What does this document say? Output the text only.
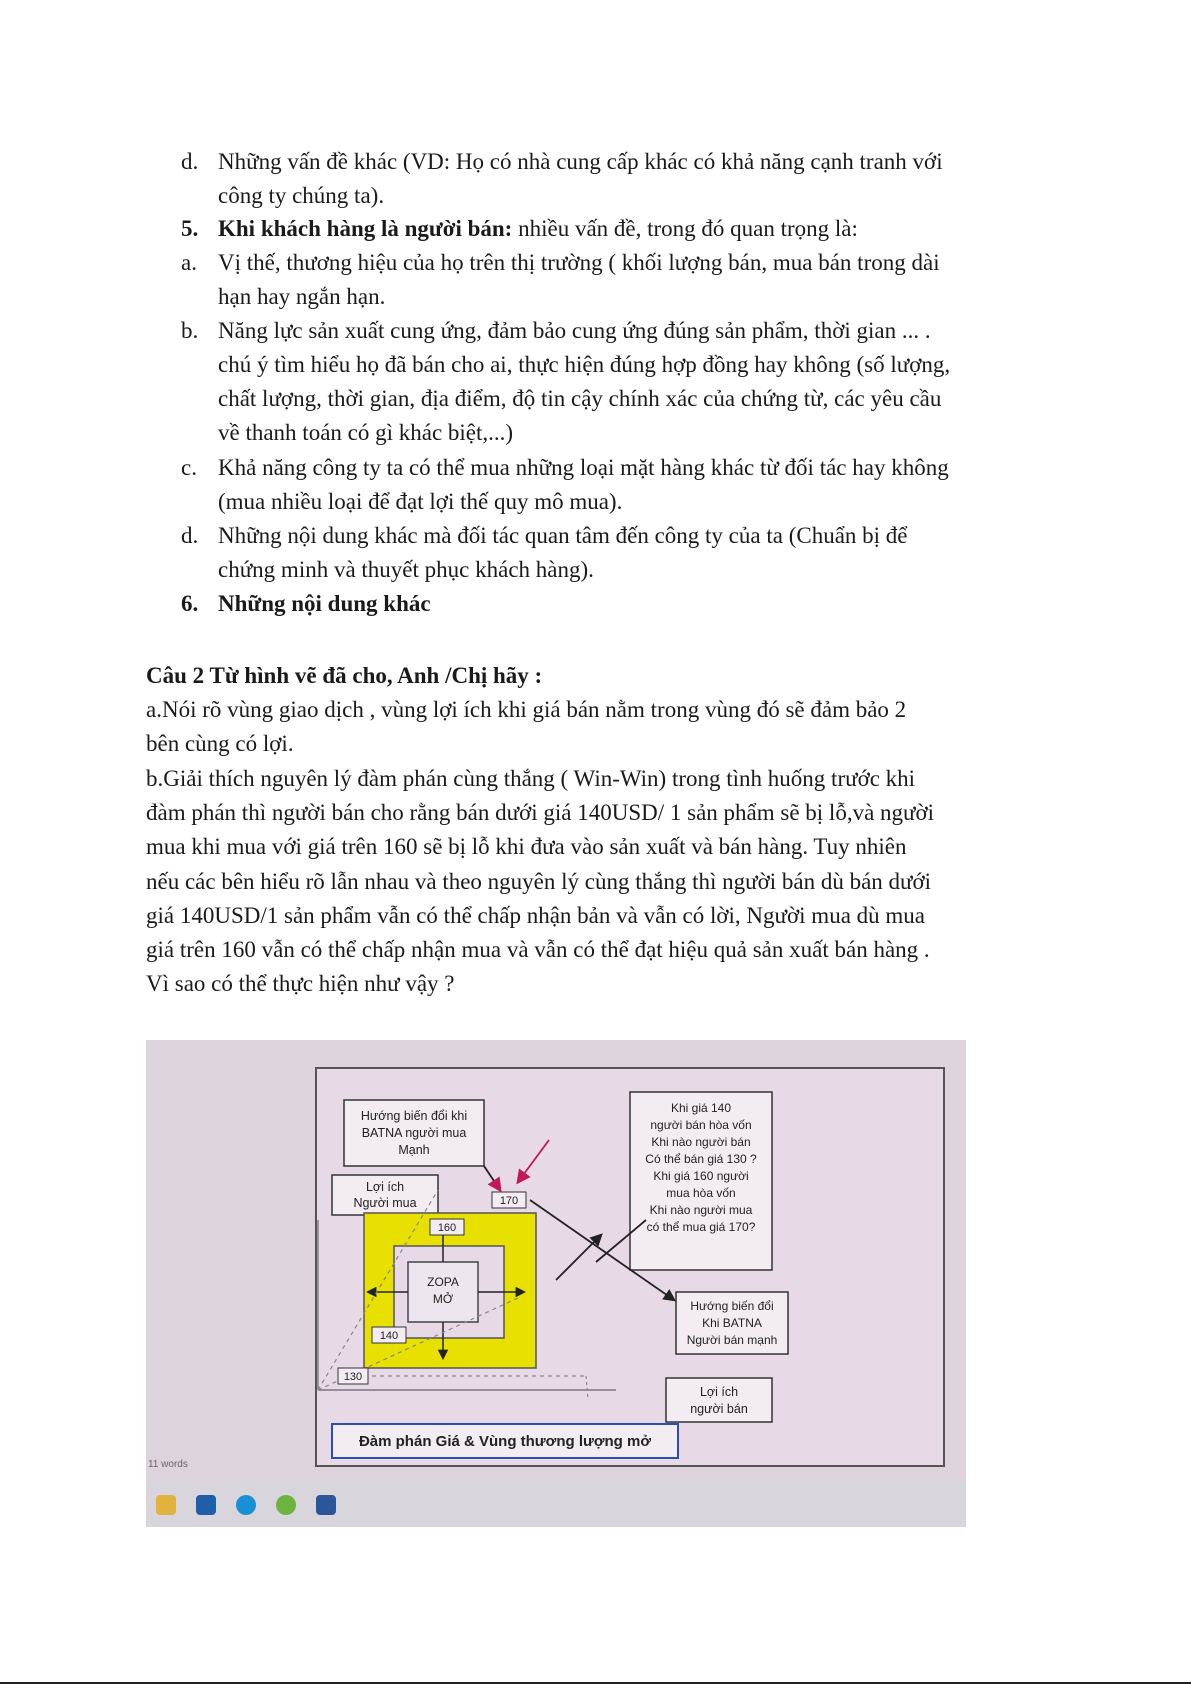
d. Những vấn đề khác (VD: Họ có nhà cung cấp khác có khả năng cạnh tranh với
công ty chúng ta).
5. Khi khách hàng là người bán: nhiều vấn đề, trong đó quan trọng là:
a. Vị thế, thương hiệu của họ trên thị trường ( khối lượng bán, mua bán trong dài
hạn hay ngắn hạn.
b. Năng lực sản xuất cung ứng, đảm bảo cung ứng đúng sản phẩm, thời gian ... .
chú ý tìm hiểu họ đã bán cho ai, thực hiện đúng hợp đồng hay không (số lượng,
chất lượng, thời gian, địa điểm, độ tin cậy chính xác của chứng từ, các yêu cầu
về thanh toán có gì khác biệt,...)
c. Khả năng công ty ta có thể mua những loại mặt hàng khác từ đối tác hay không
(mua nhiều loại để đạt lợi thế quy mô mua).
d. Những nội dung khác mà đối tác quan tâm đến công ty của ta (Chuẩn bị để
chứng minh và thuyết phục khách hàng).
6. Những nội dung khác
Câu 2 Từ hình vẽ đã cho, Anh /Chị hãy :
a.Nói rõ vùng giao dịch , vùng lợi ích khi giá bán nằm trong vùng đó sẽ đảm bảo 2
bên cùng có lợi.
b.Giải thích nguyên lý đàm phán cùng thắng ( Win-Win) trong tình huống trước khi
đàm phán thì người bán cho rằng bán dưới giá 140USD/ 1 sản phẩm sẽ bị lỗ,và người
mua khi mua với giá trên 160 sẽ bị lỗ khi đưa vào sản xuất và bán hàng. Tuy nhiên
nếu các bên hiểu rõ lẫn nhau và theo nguyên lý cùng thắng thì người bán dù bán dưới
giá 140USD/1 sản phẩm vẫn có thể chấp nhận bản và vẫn có lời, Người mua dù mua
giá trên 160 vẫn có thể chấp nhận mua và vẫn có thể đạt hiệu quả sản xuất bán hàng .
Vì sao có thể thực hiện như vậy ?
Hướng biến đổi khi
BATNA người mua
Mạnh
Lợi ích
Người mua
Khi giá 140
người bán hòa vốn
Khi nào người bán
Có thể bán giá 130 ?
Khi giá 160 người
mua hòa vốn
Khi nào người mua
có thể mua giá 170?
Hướng biến đổi
Khi BATNA
Người bán mạnh
Lợi ích
người bán
ZOPA
MỞ
170
160
140
130
Đàm phán Giá & Vùng thương lượng mở
11 words
